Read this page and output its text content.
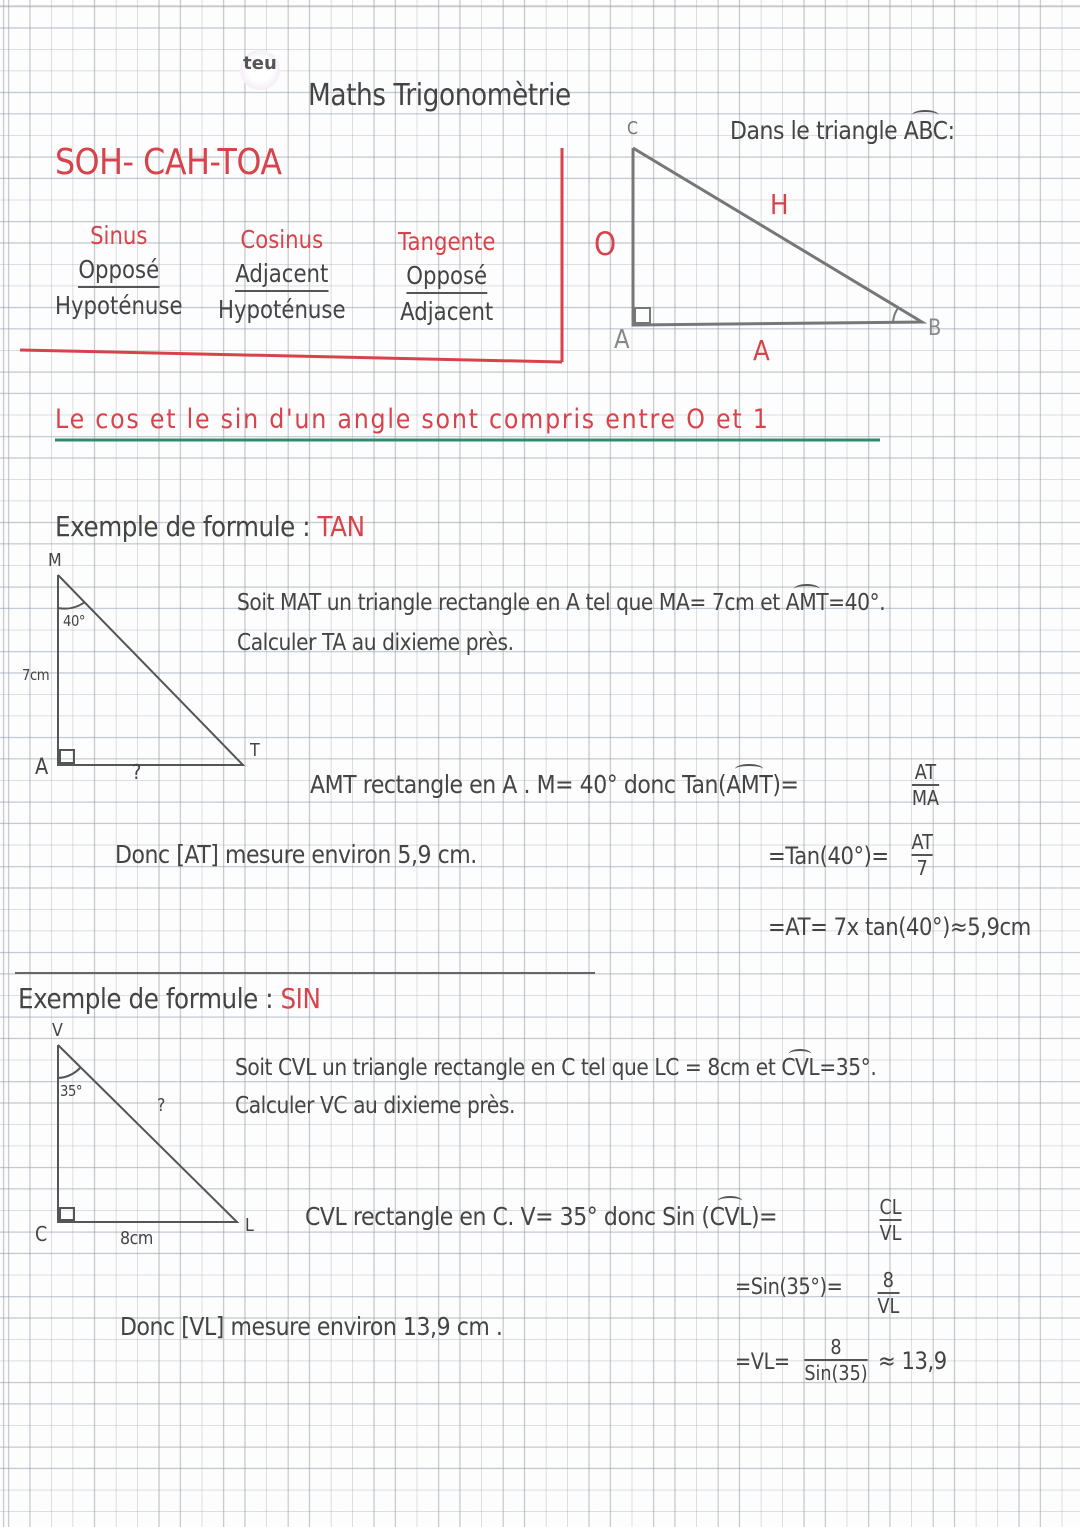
teu
Maths Trigonomètrie
SOH- CAH-TOA
Sinus
Opposé
Hypoténuse
Cosinus
Adjacent
Hypoténuse
Tangente
Opposé
Adjacent
Dans le triangle ABC:
C
A	B
O
H
A
Le cos et le sin d'un angle sont compris entre O et 1
Exemple de formule : TAN
M
40°
7cm
A	?
T
Soit MAT un triangle rectangle en A tel que MA= 7cm et AMT=40°.
Calculer TA au dixieme près.
AMT rectangle en A . M= 40° donc Tan(AMT)=	AT
MA
Donc [AT] mesure environ 5,9 cm.	=Tan(40°)= AT
7
=AT= 7x tan(40°)≈5,9cm
Exemple de formule : SIN
V
35°
?
C	8cm
L
Soit CVL un triangle rectangle en C tel que LC = 8cm et CVL=35°.
Calculer VC au dixieme près.
CVL rectangle en C. V= 35° donc Sin (CVL)=	CL
VL
=Sin(35°)= 8
VL
Donc [VL] mesure environ 13,9 cm .
=VL=
8
Sin(35) ≈ 13,9
